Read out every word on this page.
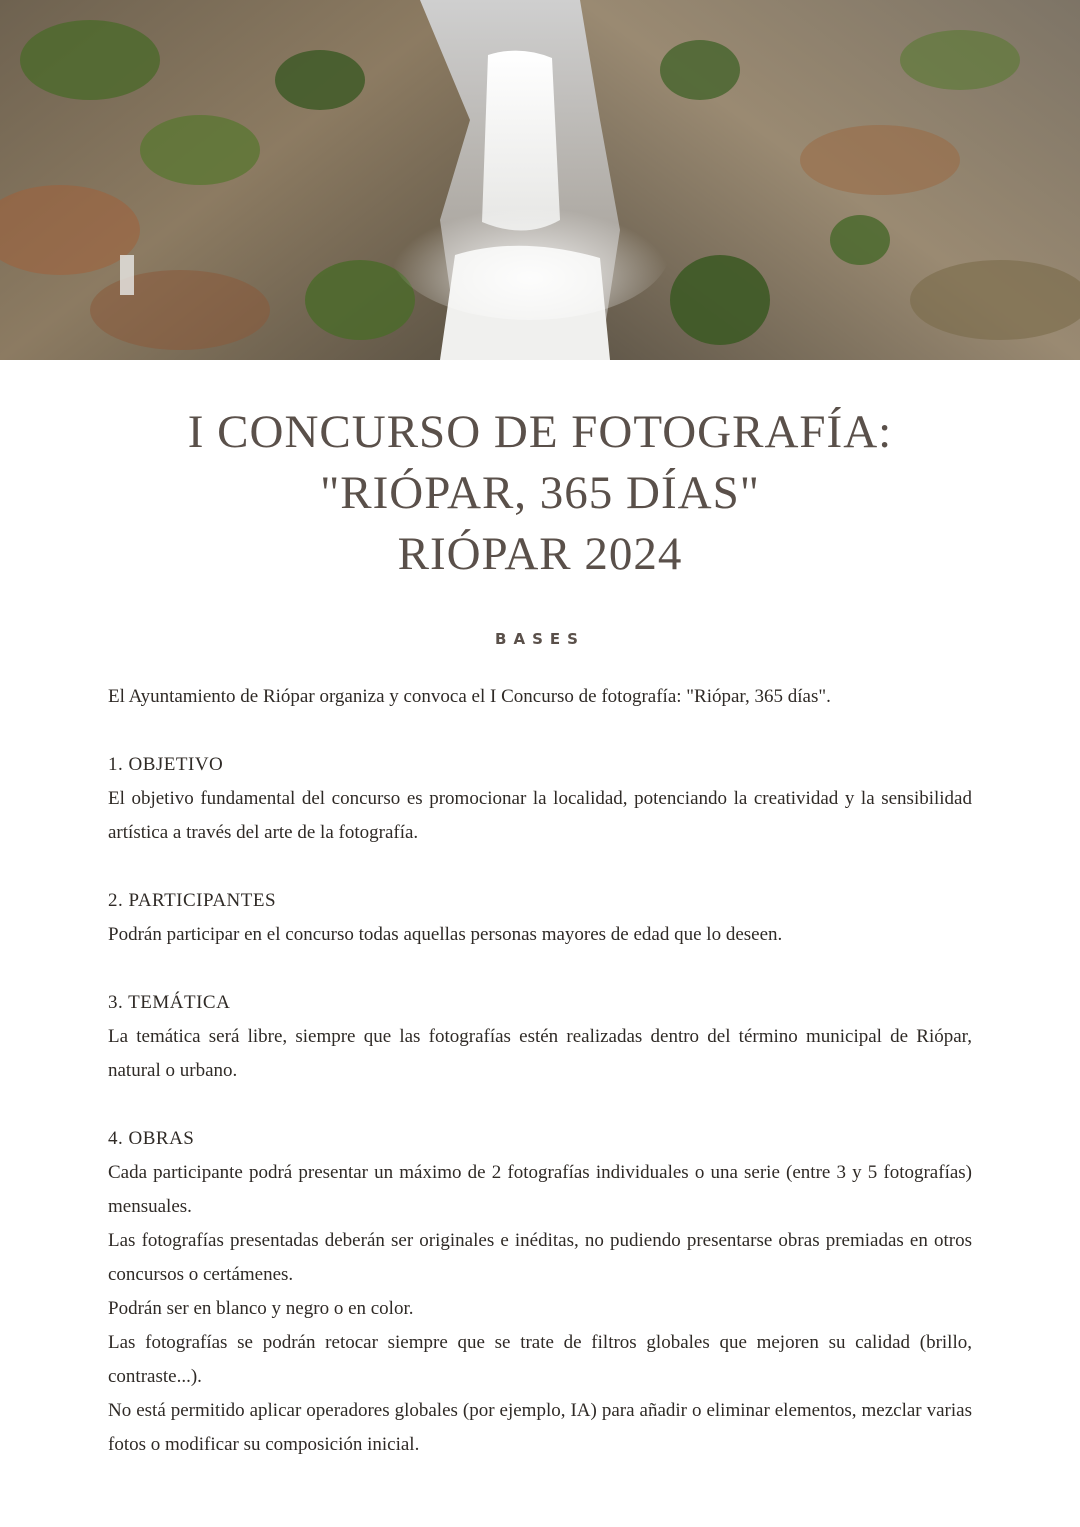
I CONCURSO DE FOTOGRAFÍA:
"RIÓPAR, 365 DÍAS"
RIÓPAR 2024
BASES

El Ayuntamiento de Riópar organiza y convoca el I Concurso de fotografía: "Riópar, 365 días".

1. OBJETIVO

El objetivo fundamental del concurso es promocionar la localidad, potenciando la creatividad y la sensibilidad artística a través del arte de la fotografía.

2. PARTICIPANTES

Podrán participar en el concurso todas aquellas personas mayores de edad que lo deseen.

3. TEMÁTICA

La temática será libre, siempre que las fotografías estén realizadas dentro del término municipal de Riópar, natural o urbano.

4. OBRAS

Cada participante podrá presentar un máximo de 2 fotografías individuales o una serie (entre 3 y 5 fotografías) mensuales.

Las fotografías presentadas deberán ser originales e inéditas, no pudiendo presentarse obras premiadas en otros concursos o certámenes.

Podrán ser en blanco y negro o en color.

Las fotografías se podrán retocar siempre que se trate de filtros globales que mejoren su calidad (brillo, contraste...).

No está permitido aplicar operadores globales (por ejemplo, IA) para añadir o eliminar elementos, mezclar varias fotos o modificar su composición inicial.
